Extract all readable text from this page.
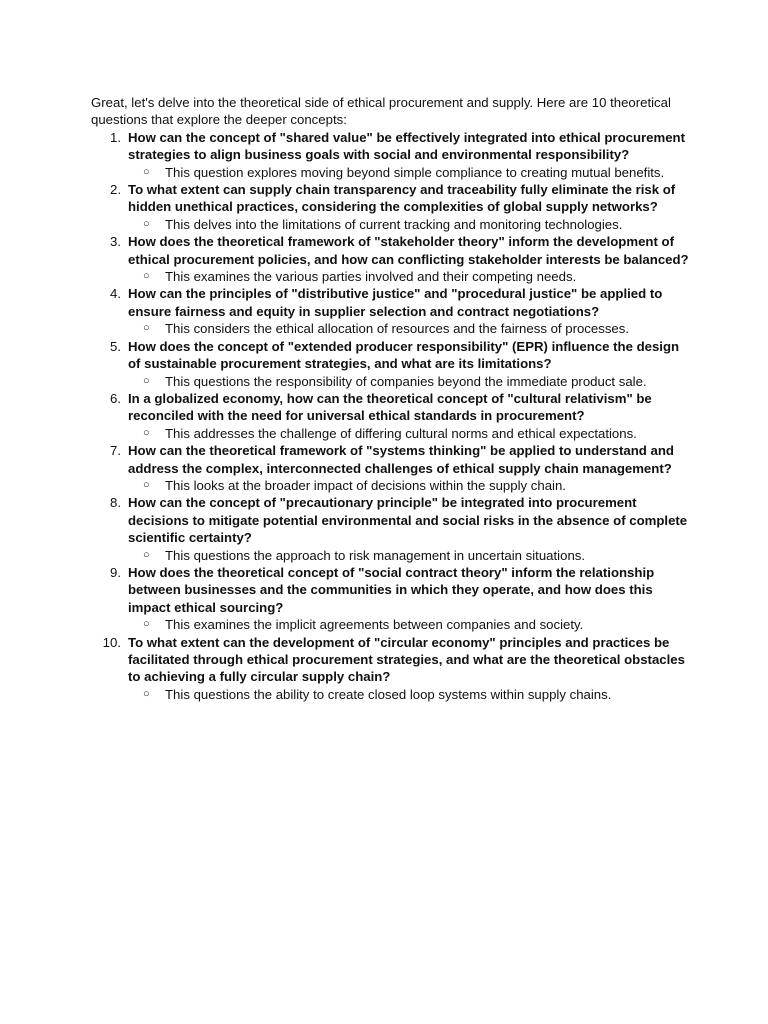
Great, let's delve into the theoretical side of ethical procurement and supply. Here are 10 theoretical questions that explore the deeper concepts:

1. How can the concept of "shared value" be effectively integrated into ethical procurement strategies to align business goals with social and environmental responsibility?
○ This question explores moving beyond simple compliance to creating mutual benefits.
2. To what extent can supply chain transparency and traceability fully eliminate the risk of hidden unethical practices, considering the complexities of global supply networks?
○ This delves into the limitations of current tracking and monitoring technologies.
3. How does the theoretical framework of "stakeholder theory" inform the development of ethical procurement policies, and how can conflicting stakeholder interests be balanced?
○ This examines the various parties involved and their competing needs.
4. How can the principles of "distributive justice" and "procedural justice" be applied to ensure fairness and equity in supplier selection and contract negotiations?
○ This considers the ethical allocation of resources and the fairness of processes.
5. How does the concept of "extended producer responsibility" (EPR) influence the design of sustainable procurement strategies, and what are its limitations?
○ This questions the responsibility of companies beyond the immediate product sale.
6. In a globalized economy, how can the theoretical concept of "cultural relativism" be reconciled with the need for universal ethical standards in procurement?
○ This addresses the challenge of differing cultural norms and ethical expectations.
7. How can the theoretical framework of "systems thinking" be applied to understand and address the complex, interconnected challenges of ethical supply chain management?
○ This looks at the broader impact of decisions within the supply chain.
8. How can the concept of "precautionary principle" be integrated into procurement decisions to mitigate potential environmental and social risks in the absence of complete scientific certainty?
○ This questions the approach to risk management in uncertain situations.
9. How does the theoretical concept of "social contract theory" inform the relationship between businesses and the communities in which they operate, and how does this impact ethical sourcing?
○ This examines the implicit agreements between companies and society.
10. To what extent can the development of "circular economy" principles and practices be facilitated through ethical procurement strategies, and what are the theoretical obstacles to achieving a fully circular supply chain?
○ This questions the ability to create closed loop systems within supply chains.
